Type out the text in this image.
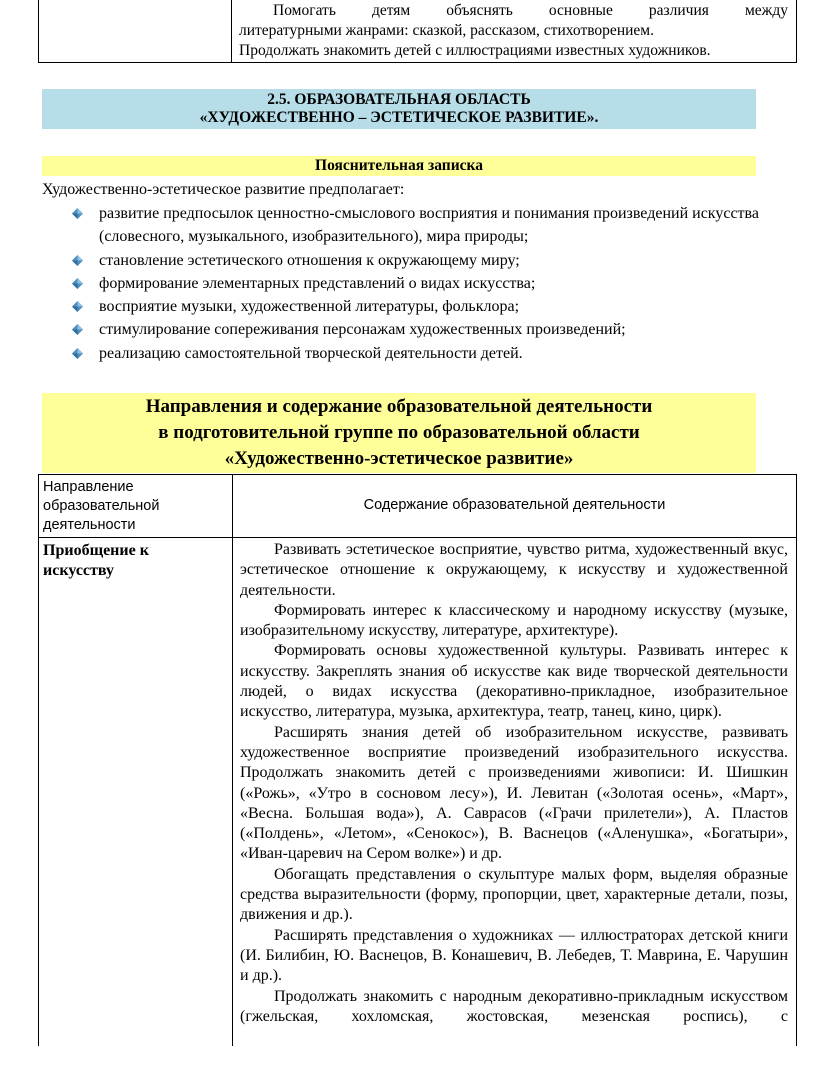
Помогать детям объяснять основные различия между
литературными жанрами: сказкой, рассказом, стихотворением.
Продолжать знакомить детей с иллюстрациями известных художников.
2.5. ОБРАЗОВАТЕЛЬНАЯ ОБЛАСТЬ
«ХУДОЖЕСТВЕННО – ЭСТЕТИЧЕСКОЕ РАЗВИТИЕ».
Пояснительная записка
Художественно-эстетическое развитие предполагает:
развитие предпосылок ценностно-смыслового восприятия и понимания произведений искусства (словесного, музыкального, изобразительного), мира природы;
становление эстетического отношения к окружающему миру;
формирование элементарных представлений о видах искусства;
восприятие музыки, художественной литературы, фольклора;
стимулирование сопереживания персонажам художественных произведений;
реализацию самостоятельной творческой деятельности детей.
Направления и содержание образовательной деятельности
в подготовительной группе по образовательной области
«Художественно-эстетическое развитие»
Направление
образовательной
деятельности
Содержание образовательной деятельности
Приобщение к
искусству

Развивать эстетическое восприятие, чувство ритма, художественный вкус, эстетическое отношение к окружающему, к искусству и художественной деятельности.

Формировать интерес к классическому и народному искусству (музыке, изобразительному искусству, литературе, архитектуре).

Формировать основы художественной культуры. Развивать интерес к искусству. Закреплять знания об искусстве как виде творческой деятельности людей, о видах искусства (декоративно-прикладное, изобразительное искусство, литература, музыка, архитектура, театр, танец, кино, цирк).

Расширять знания детей об изобразительном искусстве, развивать художественное восприятие произведений изобразительного искусства. Продолжать знакомить детей с произведениями живописи: И. Шишкин («Рожь», «Утро в сосновом лесу»), И. Левитан («Золотая осень», «Март», «Весна. Большая вода»), А. Саврасов («Грачи прилетели»), А. Пластов («Полдень», «Летом», «Сенокос»), В. Васнецов («Аленушка», «Богатыри», «Иван-царевич на Сером волке») и др.

Обогащать представления о скульптуре малых форм, выделяя образные средства выразительности (форму, пропорции, цвет, характерные детали, позы, движения и др.).

Расширять представления о художниках — иллюстраторах детской книги (И. Билибин, Ю. Васнецов, В. Конашевич, В. Лебедев, Т. Маврина, Е. Чарушин и др.).

Продолжать знакомить с народным декоративно-прикладным искусством (гжельская, хохломская, жостовская, мезенская роспись), с
